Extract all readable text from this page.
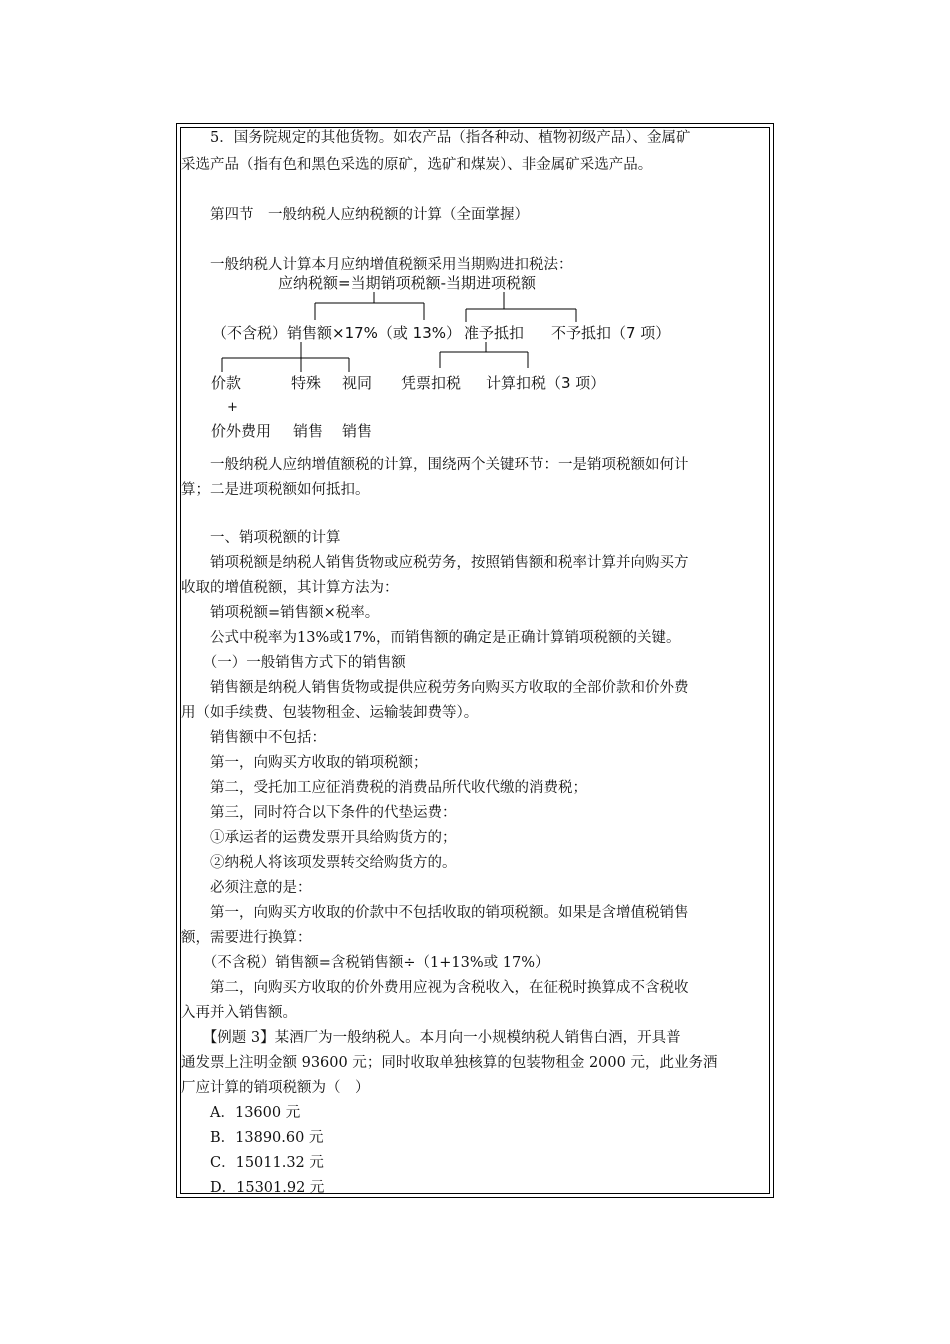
　　5．国务院规定的其他货物。如农产品（指各种动、植物初级产品）、金属矿
采选产品（指有色和黑色采选的原矿，选矿和煤炭）、非金属矿采选产品。
　　第四节　一般纳税人应纳税额的计算（全面掌握）
　　一般纳税人计算本月应纳增值税额采用当期购进扣税法：
应纳税额=当期销项税额-当期进项税额
（不含税）销售额×17%（或 13%） 准予抵扣 不予抵扣（7 项）
价款	特殊 视同 凭票扣税 计算扣税（3 项）
+
价外费用 销售 销售
　　一般纳税人应纳增值额税的计算，围绕两个关键环节：一是销项税额如何计
算；二是进项税额如何抵扣。
　　一、销项税额的计算
　　销项税额是纳税人销售货物或应税劳务，按照销售额和税率计算并向购买方
收取的增值税额，其计算方法为：
　　销项税额=销售额×税率。
　　公式中税率为13%或17%，而销售额的确定是正确计算销项税额的关键。
　　（一）一般销售方式下的销售额
　　销售额是纳税人销售货物或提供应税劳务向购买方收取的全部价款和价外费
用（如手续费、包装物租金、运输装卸费等）。
　　销售额中不包括：
　　第一，向购买方收取的销项税额；
　　第二，受托加工应征消费税的消费品所代收代缴的消费税；
　　第三，同时符合以下条件的代垫运费：
　　①承运者的运费发票开具给购货方的；
　　②纳税人将该项发票转交给购货方的。
　　必须注意的是：
　　第一，向购买方收取的价款中不包括收取的销项税额。如果是含增值税销售
额，需要进行换算：
　　（不含税）销售额=含税销售额÷（1+13%或 17%）
　　第二，向购买方收取的价外费用应视为含税收入，在征税时换算成不含税收
入再并入销售额。
　　【例题 3】某酒厂为一般纳税人。本月向一小规模纳税人销售白酒，开具普
通发票上注明金额 93600 元；同时收取单独核算的包装物租金 2000 元，此业务酒
厂应计算的销项税额为（　）
　　A．13600 元
　　B．13890.60 元
　　C．15011.32 元
　　D．15301.92 元
